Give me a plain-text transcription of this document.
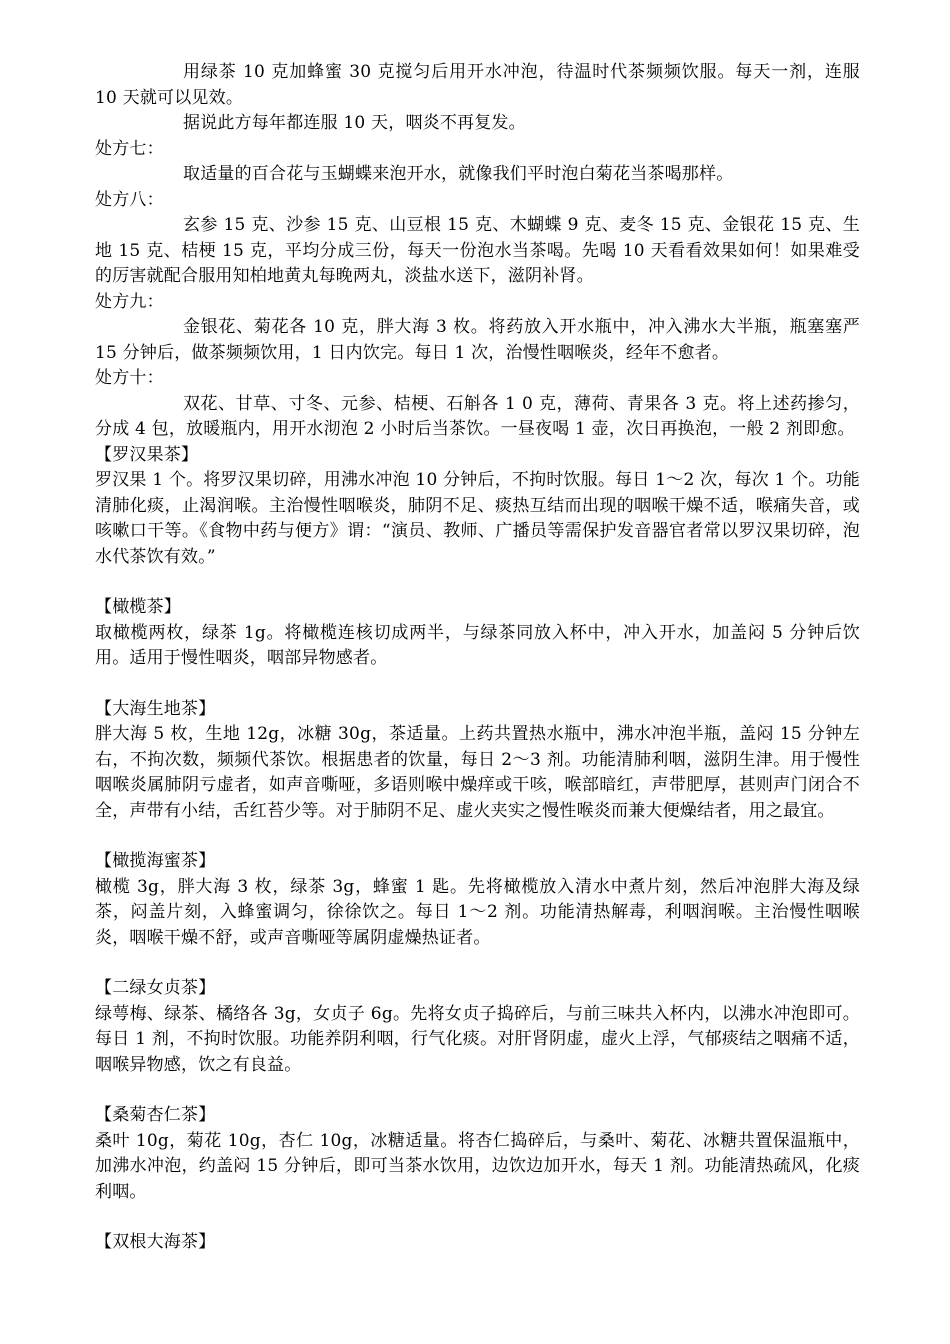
用绿茶 10 克加蜂蜜 30 克搅匀后用开水冲泡，待温时代茶频频饮服。每天一剂，连服 10 天就可以见效。

据说此方每年都连服 10 天，咽炎不再复发。

处方七：

取适量的百合花与玉蝴蝶来泡开水，就像我们平时泡白菊花当茶喝那样。

处方八：

玄参 15 克、沙参 15 克、山豆根 15 克、木蝴蝶 9 克、麦冬 15 克、金银花 15 克、生地 15 克、桔梗 15 克，平均分成三份，每天一份泡水当茶喝。先喝 10 天看看效果如何！如果难受的厉害就配合服用知柏地黄丸每晚两丸，淡盐水送下，滋阴补肾。

处方九：

金银花、菊花各 10 克，胖大海 3 枚。将药放入开水瓶中，冲入沸水大半瓶，瓶塞塞严 15 分钟后，做茶频频饮用，1 日内饮完。每日 1 次，治慢性咽喉炎，经年不愈者。

处方十：

双花、甘草、寸冬、元参、桔梗、石斛各 1 0 克，薄荷、青果各 3 克。将上述药掺匀，分成 4 包，放暖瓶内，用开水沏泡 2 小时后当茶饮。一昼夜喝 1 壶，次日再换泡，一般 2 剂即愈。

【罗汉果茶】

罗汉果 1 个。将罗汉果切碎，用沸水冲泡 10 分钟后，不拘时饮服。每日 1～2 次，每次 1 个。功能清肺化痰，止渴润喉。主治慢性咽喉炎，肺阴不足、痰热互结而出现的咽喉干燥不适，喉痛失音，或咳嗽口干等。《食物中药与便方》谓：“演员、教师、广播员等需保护发音器官者常以罗汉果切碎，泡水代茶饮有效。”

【橄榄茶】

取橄榄两枚，绿茶 1g。将橄榄连核切成两半，与绿茶同放入杯中，冲入开水，加盖闷 5 分钟后饮用。适用于慢性咽炎，咽部异物感者。

【大海生地茶】

胖大海 5 枚，生地 12g，冰糖 30g，茶适量。上药共置热水瓶中，沸水冲泡半瓶，盖闷 15 分钟左右，不拘次数，频频代茶饮。根据患者的饮量，每日 2～3 剂。功能清肺利咽，滋阴生津。用于慢性咽喉炎属肺阴亏虚者，如声音嘶哑，多语则喉中燥痒或干咳，喉部暗红，声带肥厚，甚则声门闭合不全，声带有小结，舌红苔少等。对于肺阴不足、虚火夹实之慢性喉炎而兼大便燥结者，用之最宜。

【橄揽海蜜茶】

橄榄 3g，胖大海 3 枚，绿茶 3g，蜂蜜 1 匙。先将橄榄放入清水中煮片刻，然后冲泡胖大海及绿茶，闷盖片刻，入蜂蜜调匀，徐徐饮之。每日 1～2 剂。功能清热解毒，利咽润喉。主治慢性咽喉炎，咽喉干燥不舒，或声音嘶哑等属阴虚燥热证者。

【二绿女贞茶】

绿萼梅、绿茶、橘络各 3g，女贞子 6g。先将女贞子捣碎后，与前三味共入杯内，以沸水冲泡即可。每日 1 剂，不拘时饮服。功能养阴利咽，行气化痰。对肝肾阴虚，虚火上浮，气郁痰结之咽痛不适，咽喉异物感，饮之有良益。

【桑菊杏仁茶】

桑叶 10g，菊花 10g，杏仁 10g，冰糖适量。将杏仁捣碎后，与桑叶、菊花、冰糖共置保温瓶中，加沸水冲泡，约盖闷 15 分钟后，即可当茶水饮用，边饮边加开水，每天 1 剂。功能清热疏风，化痰利咽。

【双根大海茶】
